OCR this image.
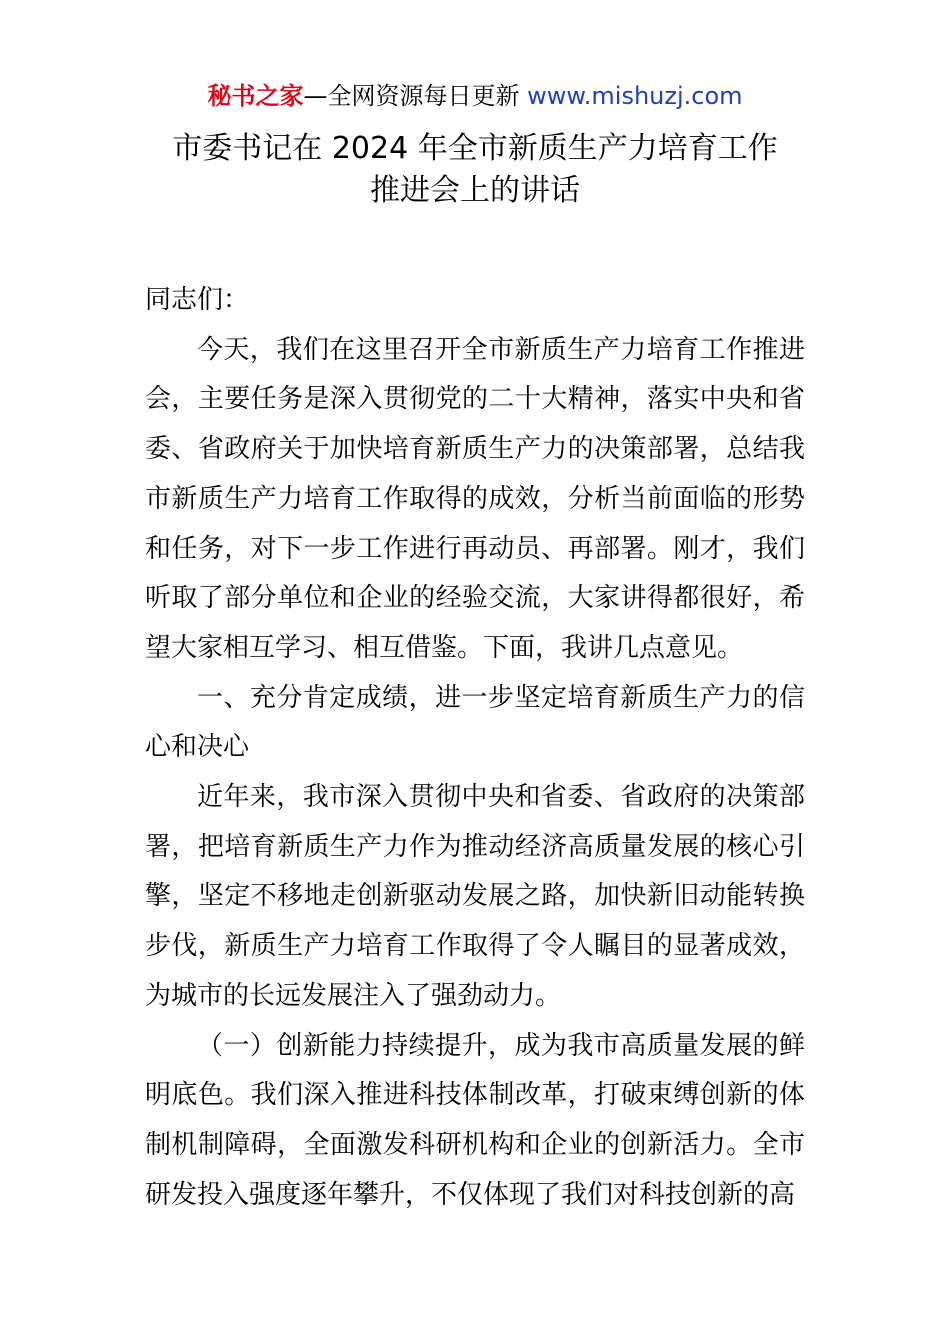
秘书之家—全网资源每日更新 www.mishuzj.com
市委书记在 2024 年全市新质生产力培育工作
推进会上的讲话

同志们：

今天，我们在这里召开全市新质生产力培育工作推进会，主要任务是深入贯彻党的二十大精神，落实中央和省委、省政府关于加快培育新质生产力的决策部署，总结我市新质生产力培育工作取得的成效，分析当前面临的形势和任务，对下一步工作进行再动员、再部署。刚才，我们听取了部分单位和企业的经验交流，大家讲得都很好，希望大家相互学习、相互借鉴。下面，我讲几点意见。

一、充分肯定成绩，进一步坚定培育新质生产力的信心和决心

近年来，我市深入贯彻中央和省委、省政府的决策部署，把培育新质生产力作为推动经济高质量发展的核心引擎，坚定不移地走创新驱动发展之路，加快新旧动能转换步伐，新质生产力培育工作取得了令人瞩目的显著成效，为城市的长远发展注入了强劲动力。

（一）创新能力持续提升，成为我市高质量发展的鲜明底色。我们深入推进科技体制改革，打破束缚创新的体制机制障碍，全面激发科研机构和企业的创新活力。全市研发投入强度逐年攀升，不仅体现了我们对科技创新的高
